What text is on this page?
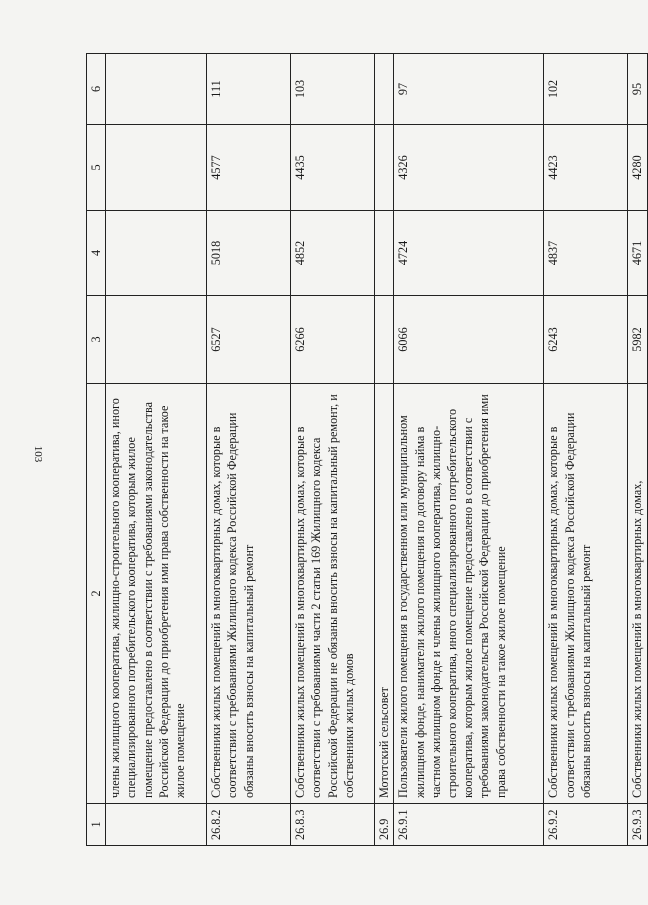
103
1	2	3	4	5	6
	члены жилищного кооператива, жилищно-строительного кооператива, иного специализированного потребительского кооператива, которым жилое помещение предоставлено в соответствии с требованиями законодательства Российской Федерации до приобретения ими права собственности на такое жилое помещение				
26.8.2	Собственники жилых помещений в многоквартирных домах, которые в соответствии с требованиями Жилищного кодекса Российской Федерации обязаны вносить взносы на капитальный ремонт	6527	5018	4577	111
26.8.3	Собственники жилых помещений в многоквартирных домах, которые в соответствии с требованиями части 2 статьи 169 Жилищного кодекса Российской Федерации не обязаны вносить взносы на капитальный ремонт, и собственники жилых домов	6266	4852	4435	103
26.9	Мототский сельсовет				
26.9.1	Пользователи жилого помещения в государственном или муниципальном жилищном фонде, наниматели жилого помещения по договору найма в частном жилищном фонде и члены жилищного кооператива, жилищно-строительного кооператива, иного специализированного потребительского кооператива, которым жилое помещение предоставлено в соответствии с требованиями законодательства Российской Федерации до приобретения ими права собственности на такое жилое помещение	6066	4724	4326	97
26.9.2	Собственники жилых помещений в многоквартирных домах, которые в соответствии с требованиями Жилищного кодекса Российской Федерации обязаны вносить взносы на капитальный ремонт	6243	4837	4423	102
26.9.3	Собственники жилых помещений в многоквартирных домах,	5982	4671	4280	95
